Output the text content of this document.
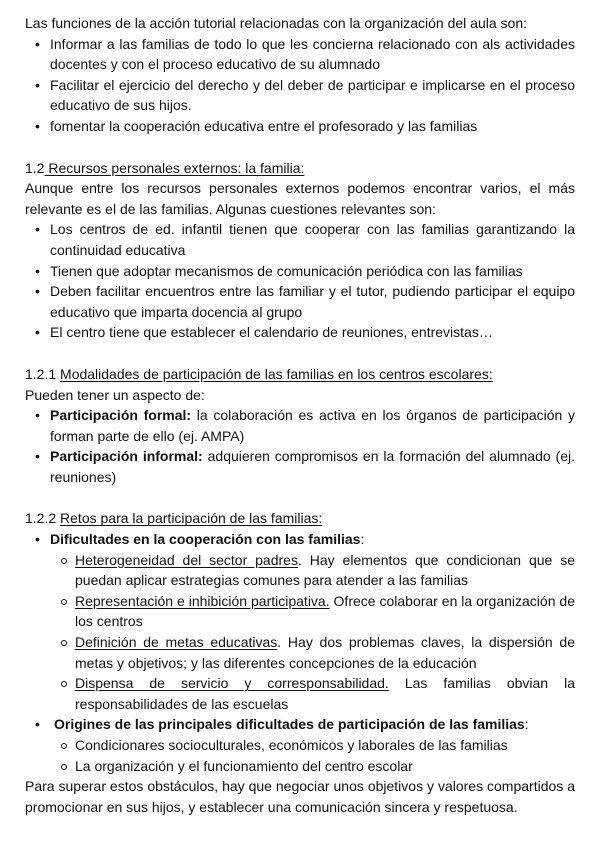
Las funciones de la acción tutorial relacionadas con la organización del aula son:

• Informar a las familias de todo lo que les concierna relacionado con als actividades docentes y con el proceso educativo de su alumnado
• Facilitar el ejercicio del derecho y del deber de participar e implicarse en el proceso educativo de sus hijos.
• fomentar la cooperación educativa entre el profesorado y las familias
1.2 Recursos personales externos: la familia:

Aunque entre los recursos personales externos podemos encontrar varios, el más relevante es el de las familias. Algunas cuestiones relevantes son:

• Los centros de ed. infantil tienen que cooperar con las familias garantizando la continuidad educativa
• Tienen que adoptar mecanismos de comunicación periódica con las familias
• Deben facilitar encuentros entre las familiar y el tutor, pudiendo participar el equipo educativo que imparta docencia al grupo
• El centro tiene que establecer el calendario de reuniones, entrevistas…
1.2.1 Modalidades de participación de las familias en los centros escolares:

Pueden tener un aspecto de:

• Participación formal: la colaboración es activa en los órganos de participación y forman parte de ello (ej. AMPA)
• Participación informal: adquieren compromisos en la formación del alumnado (ej. reuniones)
1.2.2 Retos para la participación de las familias:
• Dificultades en la cooperación con las familias:
Heterogeneidad del sector padres. Hay elementos que condicionan que se puedan aplicar estrategias comunes para atender a las familias
Representación e inhibición participativa. Ofrece colaborar en la organización de los centros
Definición de metas educativas. Hay dos problemas claves, la dispersión de metas y objetivos; y las diferentes concepciones de la educación
Dispensa de servicio y corresponsabilidad. Las familias obvian la responsabilidades de las escuelas
• Origines de las principales dificultades de participación de las familias:
Condicionares socioculturales, económicos y laborales de las familias
La organización y el funcionamiento del centro escolar

Para superar estos obstáculos, hay que negociar unos objetivos y valores compartidos a promocionar en sus hijos, y establecer una comunicación sincera y respetuosa.
